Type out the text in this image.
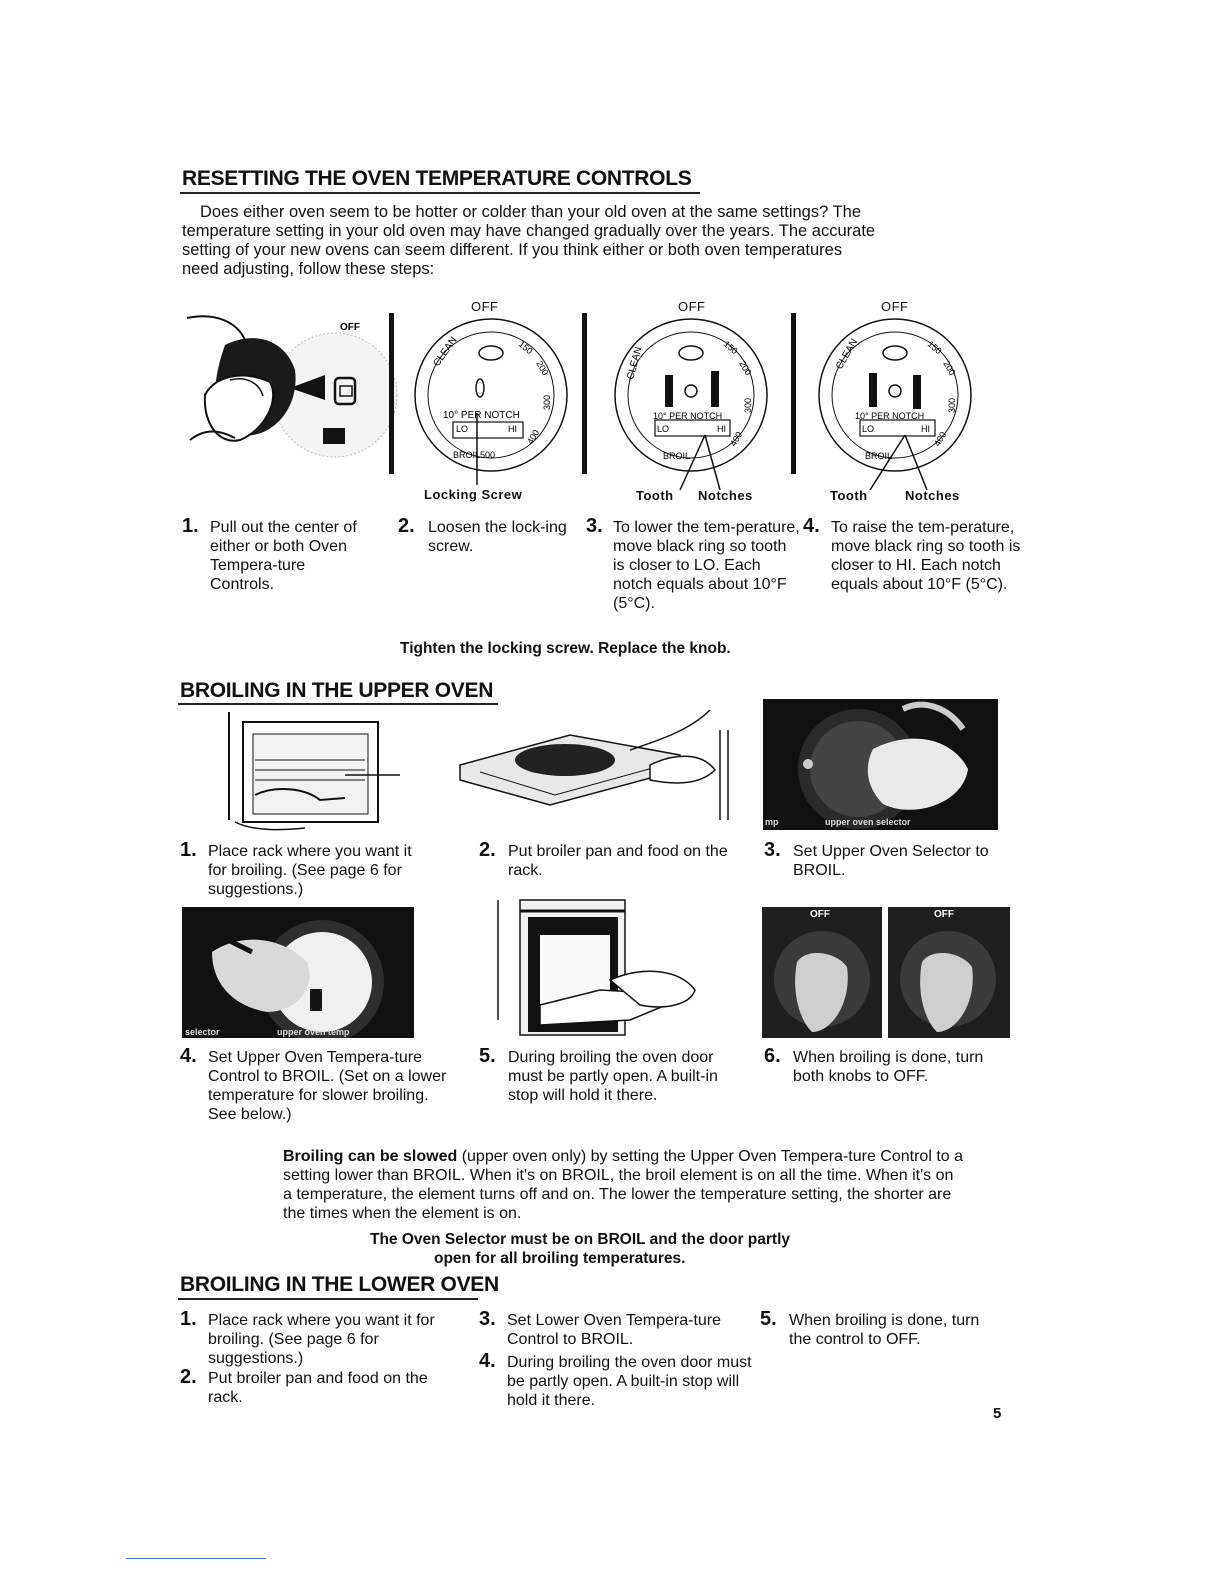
RESETTING THE OVEN TEMPERATURE CONTROLS
Does either oven seem to be hotter or colder than your old oven at the same settings? The temperature setting in your old oven may have changed gradually over the years. The accurate setting of your new ovens can seem different. If you think either or both oven temperatures need adjusting, follow these steps:
OFF
OFF
10° PER NOTCH
LO	HI
CLEAN	150
200
300
400
500
BROIL
Locking Screw
OFF
10° PER NOTCH
LO	HI
CLEAN	150
200
300
400
BROIL
Tooth Notches
OFF
10° PER NOTCH
LO	HI
CLEAN	150
200
300
400
BROIL
Tooth	Notches
1. Pull out the center of either or both Oven Tempera-ture Controls.
2. Loosen the lock-ing screw.
3. To lower the tem-perature, move black ring so tooth is closer to LO. Each notch equals about 10°F (5°C).
4. To raise the tem-perature, move black ring so tooth is closer to HI. Each notch equals about 10°F (5°C).
Tighten the locking screw. Replace the knob.
BROILING IN THE UPPER OVEN
mp	upper oven selector
1. Place rack where you want it for broiling. (See page 6 for suggestions.)
2. Put broiler pan and food on the rack.
3. Set Upper Oven Selector to BROIL.
selector	upper oven temp
OFF	OFF
4. Set Upper Oven Tempera-ture Control to BROIL. (Set on a lower temperature for slower broiling. See below.)
5. During broiling the oven door must be partly open. A built-in stop will hold it there.
6. When broiling is done, turn both knobs to OFF.
Broiling can be slowed (upper oven only) by setting the Upper Oven Tempera-ture Control to a setting lower than BROIL. When it's on BROIL, the broil element is on all the time. When it's on a temperature, the element turns off and on. The lower the temperature setting, the shorter are the times when the element is on.
The Oven Selector must be on BROIL and the door partly
open for all broiling temperatures.
BROILING IN THE LOWER OVEN
1. Place rack where you want it for broiling. (See page 6 for suggestions.)
2. Put broiler pan and food on the rack.
3. Set Lower Oven Tempera-ture Control to BROIL.
4. During broiling the oven door must be partly open. A built-in stop will hold it there.
5. When broiling is done, turn the control to OFF.
5
